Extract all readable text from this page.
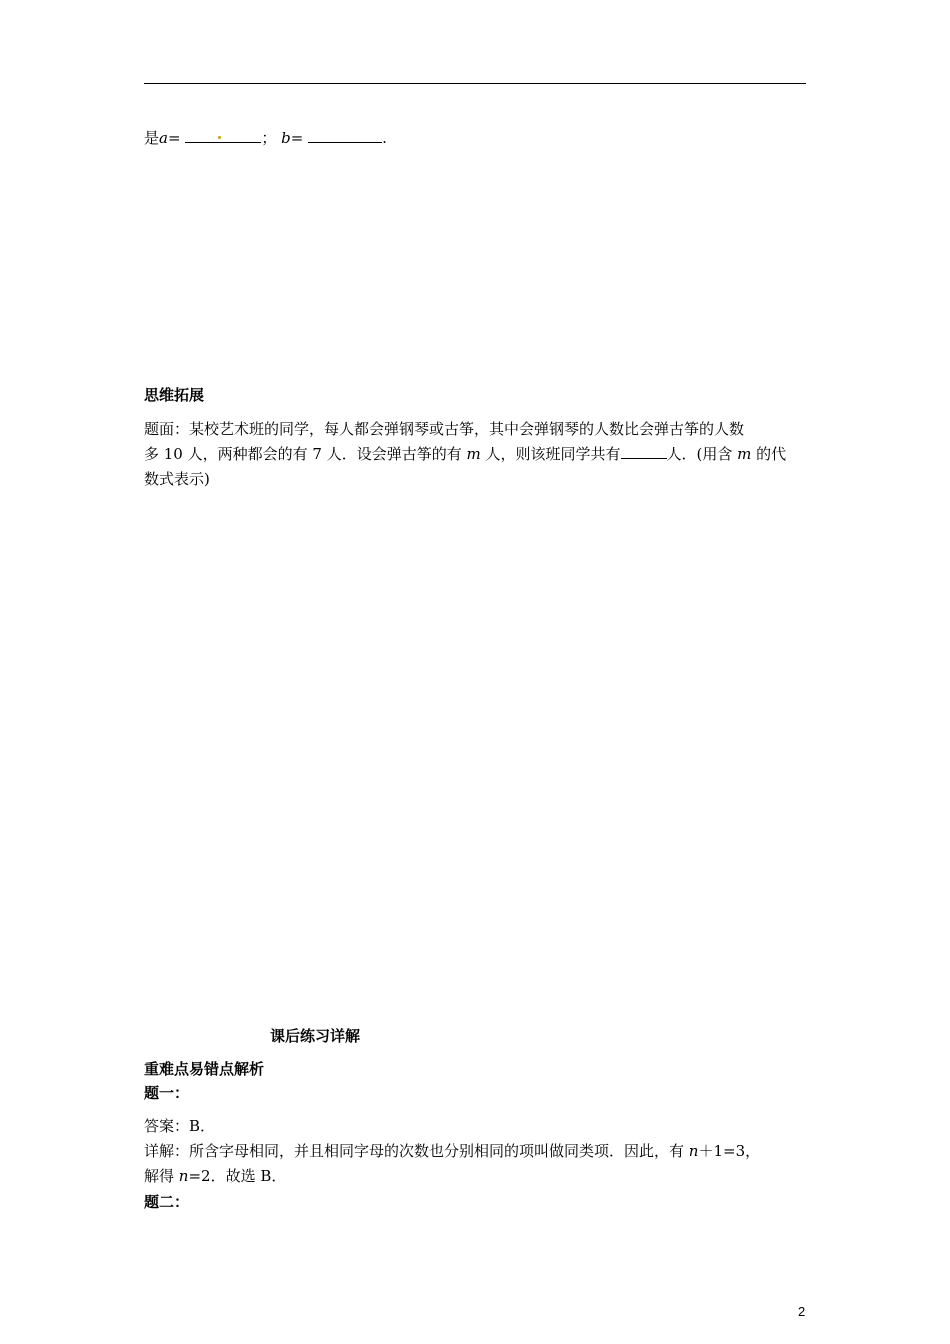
是a=	； b=	.
思维拓展
题面：某校艺术班的同学，每人都会弹钢琴或古筝，其中会弹钢琴的人数比会弹古筝的人数
多 10 人，两种都会的有 7 人．设会弹古筝的有 m 人，则该班同学共有	人．(用含 m 的代
数式表示)
课后练习详解
重难点易错点解析
题一：
答案：B．
详解：所含字母相同，并且相同字母的次数也分别相同的项叫做同类项．因此，有 n＋1=3，
解得 n=2．故选 B．
题二：
2
